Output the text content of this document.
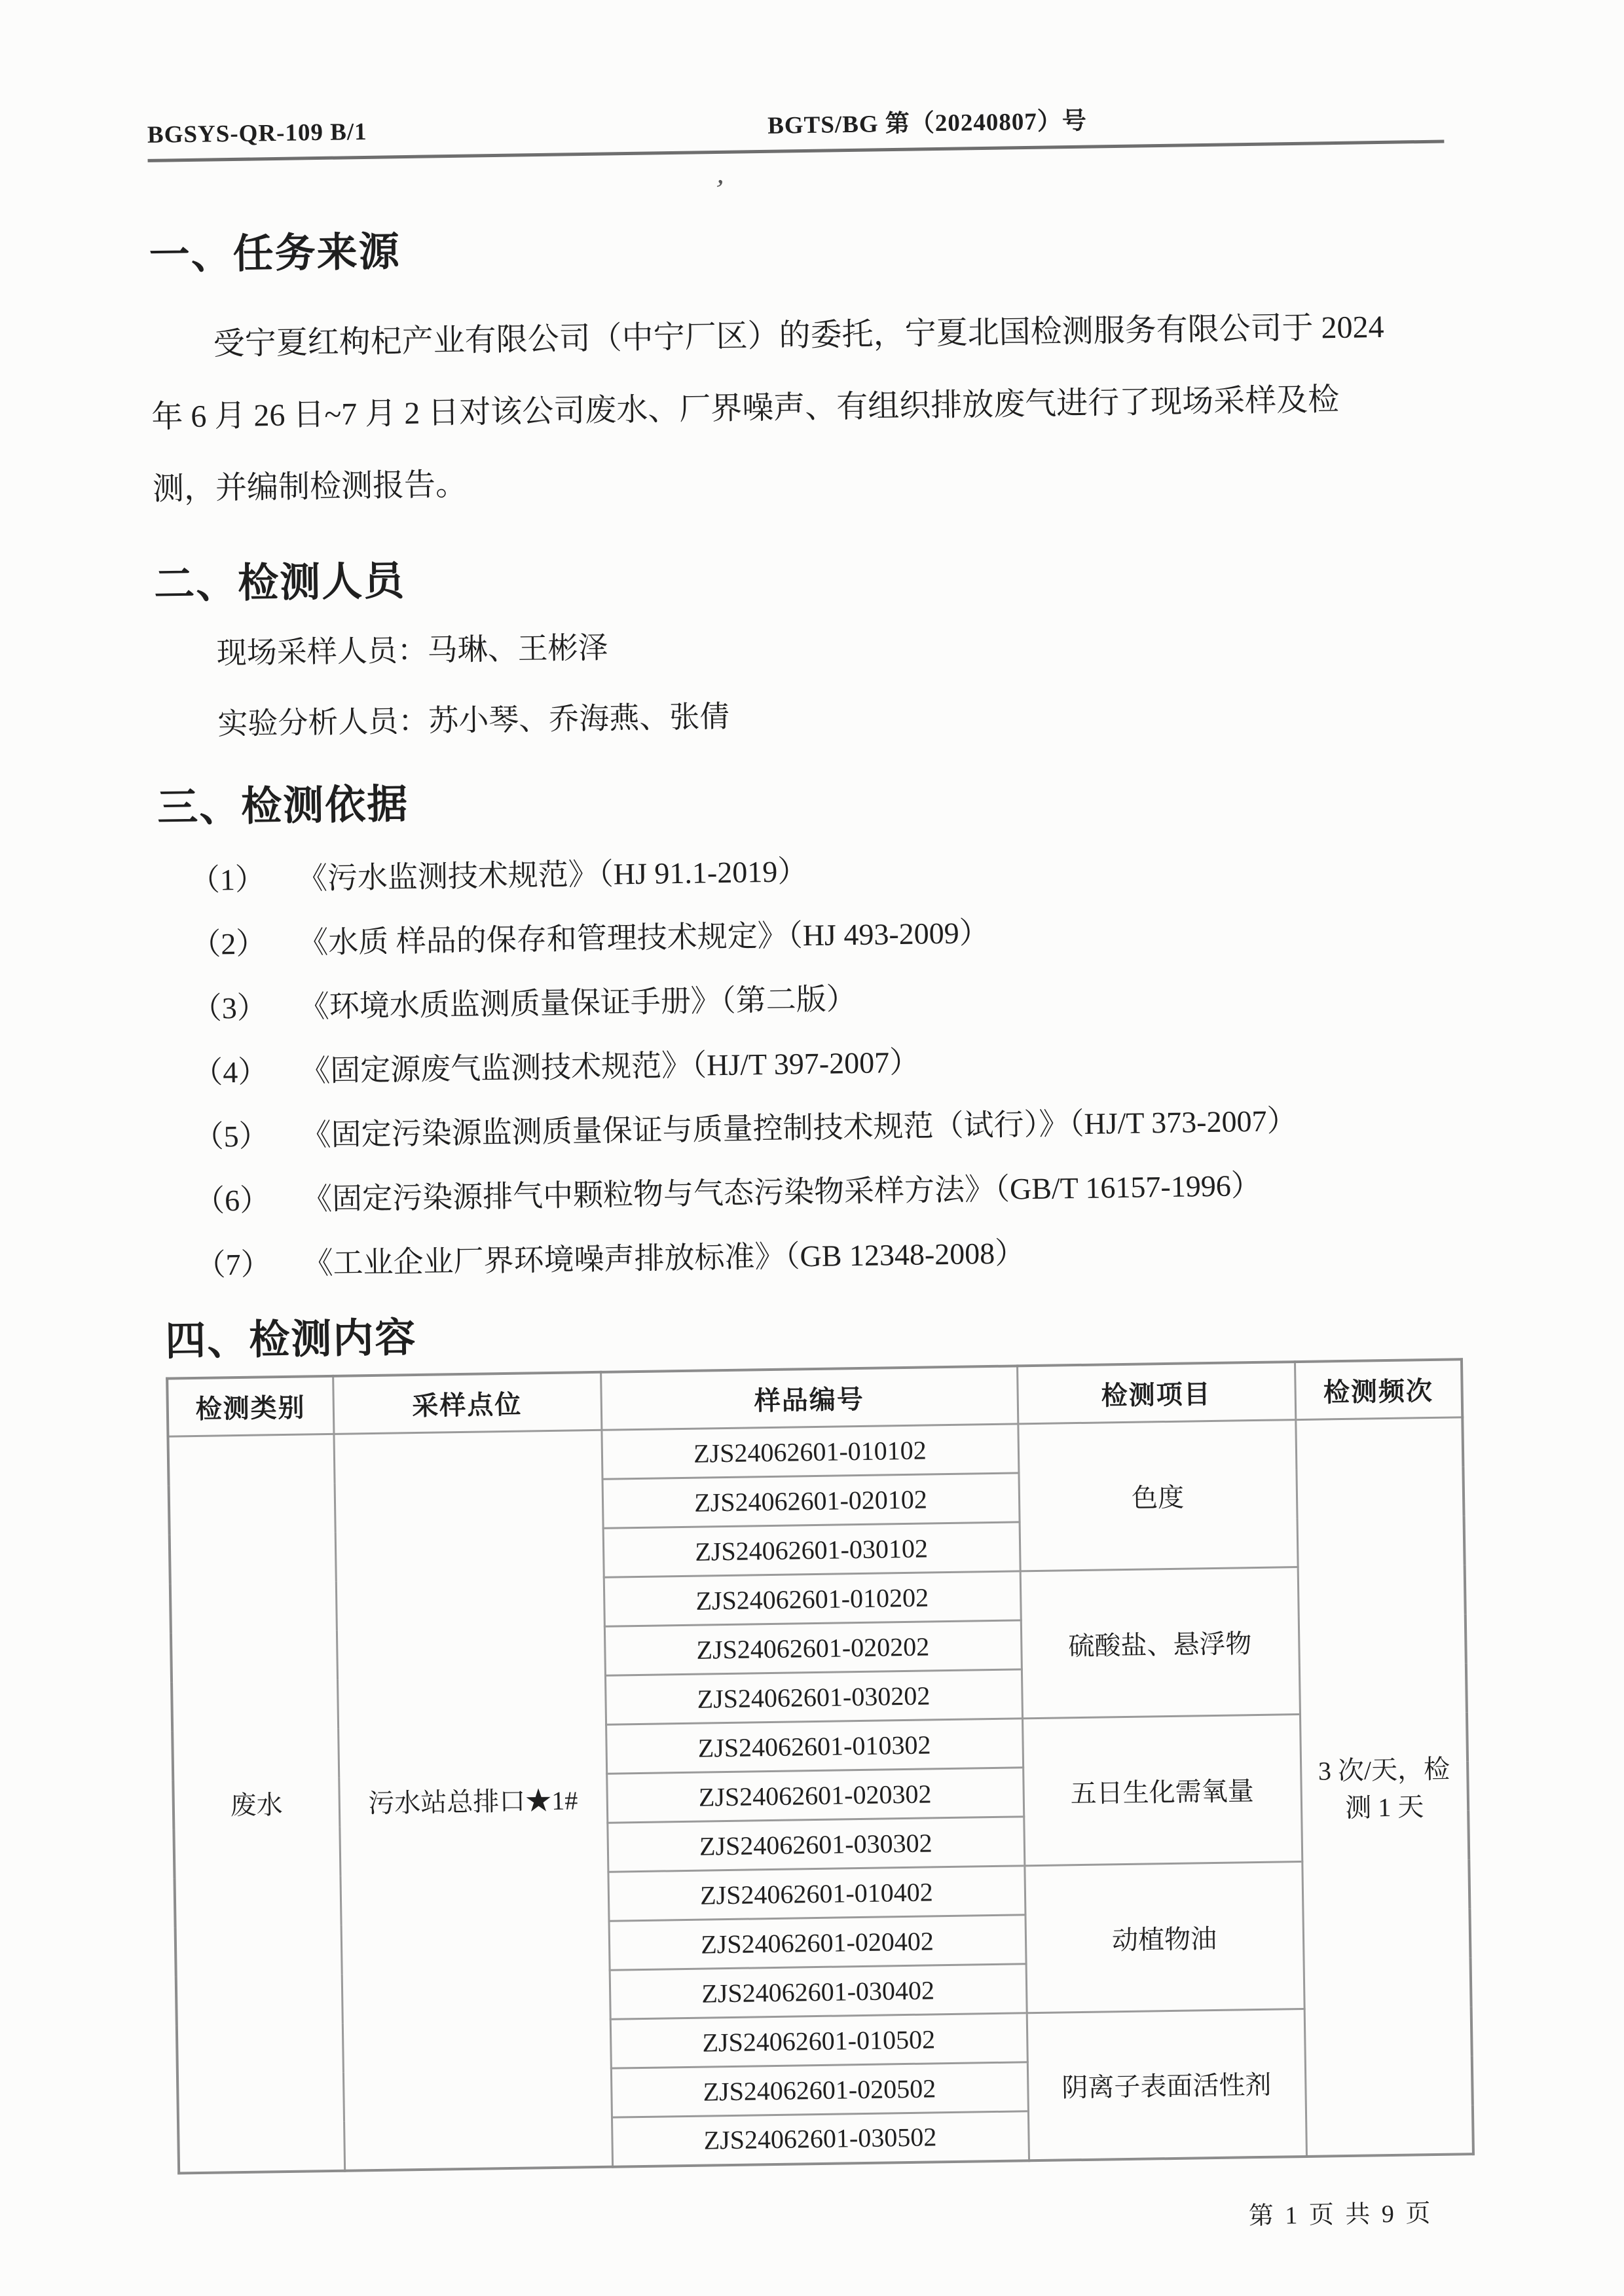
BGSYS-QR-109 B/1	BGTS/BG 第（20240807）号
ʼ
一、任务来源
受宁夏红枸杞产业有限公司（中宁厂区）的委托，宁夏北国检测服务有限公司于 2024
年 6 月 26 日~7 月 2 日对该公司废水、厂界噪声、有组织排放废气进行了现场采样及检
测，并编制检测报告。
二、检测人员
现场采样人员：马琳、王彬泽
实验分析人员：苏小琴、乔海燕、张倩
三、检测依据
（1）	《污水监测技术规范》（HJ 91.1-2019）
（2）	《水质 样品的保存和管理技术规定》（HJ 493-2009）
（3）	《环境水质监测质量保证手册》（第二版）
（4）	《固定源废气监测技术规范》（HJ/T 397-2007）
（5）	《固定污染源监测质量保证与质量控制技术规范（试行）》（HJ/T 373-2007）
（6）	《固定污染源排气中颗粒物与气态污染物采样方法》（GB/T 16157-1996）
（7）	《工业企业厂界环境噪声排放标准》（GB 12348-2008）
四、检测内容
检测类别	采样点位	样品编号	检测项目	检测频次
废水	污水站总排口★1#	ZJS24062601-010102	色度	3 次/天，检测 1 天
		ZJS24062601-020102		
		ZJS24062601-030102		
		ZJS24062601-010202	硫酸盐、悬浮物	
		ZJS24062601-020202		
		ZJS24062601-030202		
		ZJS24062601-010302	五日生化需氧量	
		ZJS24062601-020302		
		ZJS24062601-030302		
		ZJS24062601-010402	动植物油	
		ZJS24062601-020402		
		ZJS24062601-030402		
		ZJS24062601-010502	阴离子表面活性剂	
		ZJS24062601-020502		
		ZJS24062601-030502		
第 1 页 共 9 页
